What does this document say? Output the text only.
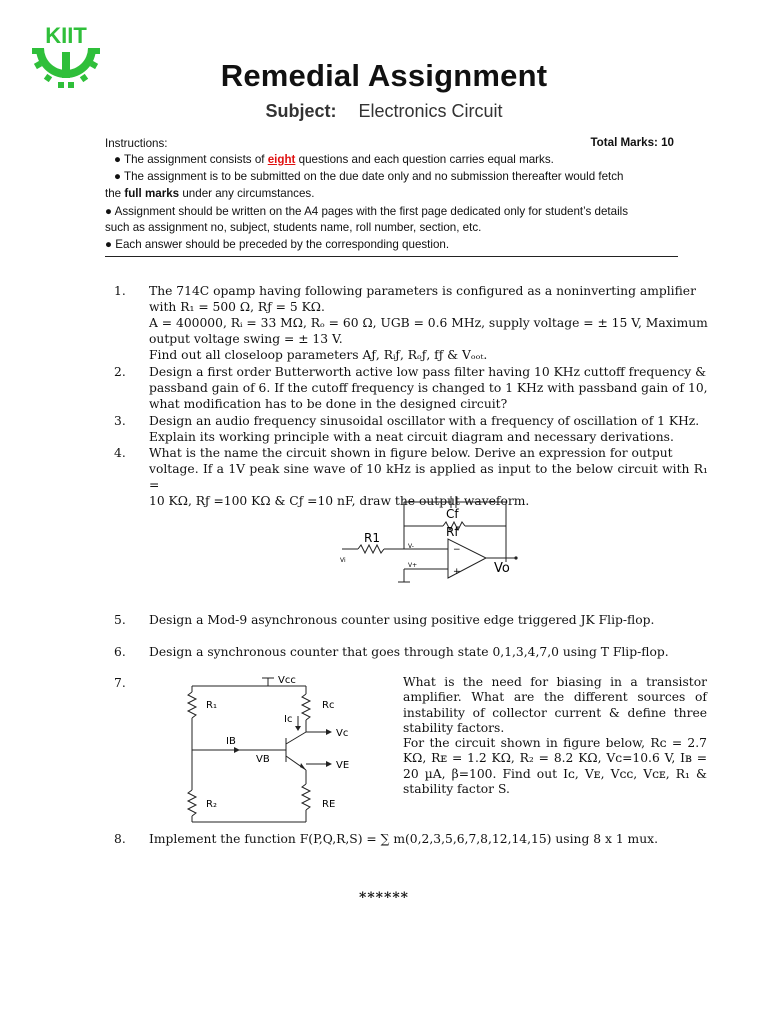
KIIT
Remedial Assignment
Subject: Electronics Circuit
Instructions:	Total Marks: 10
● The assignment consists of eight questions and each question carries equal marks.
● The assignment is to be submitted on the due date only and no submission thereafter would fetch
the full marks under any circumstances.
● Assignment should be written on the A4 pages with the first page dedicated only for student’s details
such as assignment no, subject, students name, roll number, section, etc.
● Each answer should be preceded by the corresponding question.
1. The 714C opamp having following parameters is configured as a noninverting amplifier
with R₁ = 500 Ω, Rƒ = 5 KΩ.
A = 400000, Rᵢ = 33 MΩ, Rₒ = 60 Ω, UGB = 0.6 MHz, supply voltage = ± 15 V, Maximum
output voltage swing = ± 13 V.
Find out all closeloop parameters Aƒ, Rᵢƒ, Rₒƒ, fƒ & Vₒₒₜ.
2. Design a first order Butterworth active low pass filter having 10 KHz cuttoff frequency &
passband gain of 6. If the cutoff frequency is changed to 1 KHz with passband gain of 10,
what modification has to be done in the designed circuit?
3. Design an audio frequency sinusoidal oscillator with a frequency of oscillation of 1 KHz.
Explain its working principle with a neat circuit diagram and necessary derivations.
4. What is the name the circuit shown in figure below. Derive an expression for output
voltage. If a 1V peak sine wave of 10 kHz is applied as input to the below circuit with R₁ =
10 KΩ, Rƒ =100 KΩ & Cƒ =10 nF, draw the output waveform.
−
+
R1
Cf
Rf
Vo
Vi
V-
V+
5. Design a Mod-9 asynchronous counter using positive edge triggered JK Flip-flop.
6. Design a synchronous counter that goes through state 0,1,3,4,7,0 using T Flip-flop.
7.	Vcc
R₁	Rc
Ic
Vc
IB
VB
VE
R₂	RE
What is the need for biasing in a transistor amplifier. What are the different sources of instability of collector current & define three stability factors.
For the circuit shown in figure below, Rᴄ = 2.7 KΩ, Rᴇ = 1.2 KΩ, R₂ = 8.2 KΩ, Vᴄ=10.6 V, Iʙ = 20 µA, β=100. Find out Iᴄ, Vᴇ, Vᴄᴄ, Vᴄᴇ, R₁ & stability factor S.
8. Implement the function F(P,Q,R,S) = ∑ m(0,2,3,5,6,7,8,12,14,15) using 8 x 1 mux.
******
